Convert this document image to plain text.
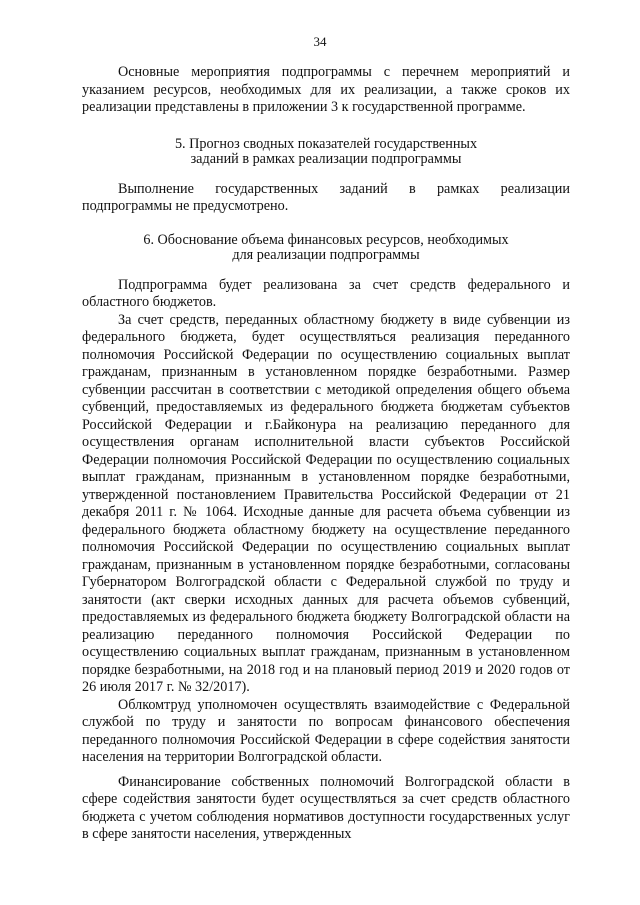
34

Основные мероприятия подпрограммы с перечнем мероприятий и указанием ресурсов, необходимых для их реализации, а также сроков их реализации представлены в приложении 3 к государственной программе.

5. Прогноз сводных показателей государственных
заданий в рамках реализации подпрограммы

Выполнение государственных заданий в рамках реализации подпрограммы не предусмотрено.

6. Обоснование объема финансовых ресурсов, необходимых
для реализации подпрограммы

Подпрограмма будет реализована за счет средств федерального и областного бюджетов.

За счет средств, переданных областному бюджету в виде субвенции из федерального бюджета, будет осуществляться реализация переданного полномочия Российской Федерации по осуществлению социальных выплат гражданам, признанным в установленном порядке безработными. Размер субвенции рассчитан в соответствии с методикой определения общего объема субвенций, предоставляемых из федерального бюджета бюджетам субъектов Российской Федерации и г.Байконура на реализацию переданного для осуществления органам исполнительной власти субъектов Российской Федерации полномочия Российской Федерации по осуществлению социальных выплат гражданам, признанным в установленном порядке безработными, утвержденной постановлением Правительства Российской Федерации от 21 декабря 2011 г. № 1064. Исходные данные для расчета объема субвенции из федерального бюджета областному бюджету на осуществление переданного полномочия Российской Федерации по осуществлению социальных выплат гражданам, признанным в установленном порядке безработными, согласованы Губернатором Волгоградской области с Федеральной службой по труду и занятости (акт сверки исходных данных для расчета объемов субвенций, предоставляемых из федерального бюджета бюджету Волгоградской области на реализацию переданного полномочия Российской Федерации по осуществлению социальных выплат гражданам, признанным в установленном порядке безработными, на 2018 год и на плановый период 2019 и 2020 годов от 26 июля 2017 г. № 32/2017).

Облкомтруд уполномочен осуществлять взаимодействие с Федеральной службой по труду и занятости по вопросам финансового обеспечения переданного полномочия Российской Федерации в сфере содействия занятости населения на территории Волгоградской области.

Финансирование собственных полномочий Волгоградской области в сфере содействия занятости будет осуществляться за счет средств областного бюджета с учетом соблюдения нормативов доступности государственных услуг в сфере занятости населения, утвержденных
